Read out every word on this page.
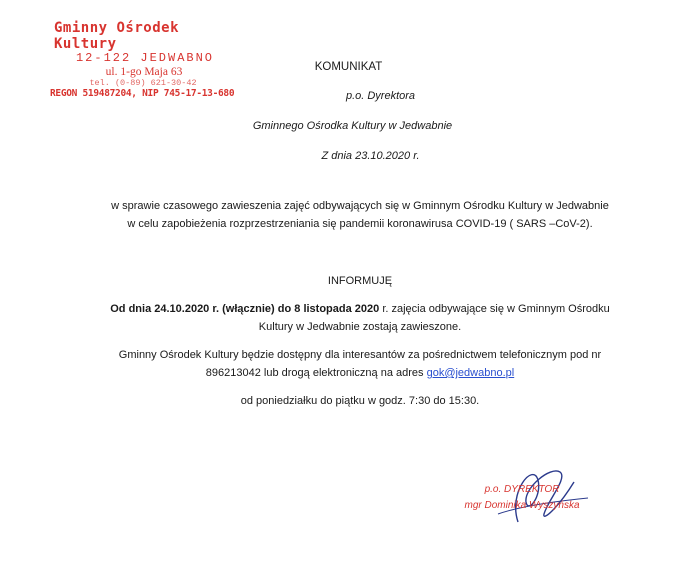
Gminny Ośrodek Kultury
12-122 JEDWABNO
ul. 1-go Maja 63
tel. (0-89) 621-30-42
REGON 519487204, NIP 745-17-13-680
KOMUNIKAT
p.o. Dyrektora
Gminnego Ośrodka Kultury w Jedwabnie
Z dnia 23.10.2020 r.
w sprawie czasowego zawieszenia zajęć odbywających się w Gminnym Ośrodku Kultury w Jedwabnie
w celu zapobieżenia rozprzestrzeniania się pandemii koronawirusa COVID-19 ( SARS –CoV-2).
INFORMUJĘ
Od dnia 24.10.2020 r. (włącznie) do 8 listopada 2020 r. zajęcia odbywające się w Gminnym Ośrodku
Kultury w Jedwabnie zostają zawieszone.
Gminny Ośrodek Kultury będzie dostępny dla interesantów za pośrednictwem telefonicznym pod nr
896213042 lub drogą elektroniczną na adres gok@jedwabno.pl
od poniedziałku do piątku w godz. 7:30 do 15:30.
p.o. DYREKTOR
mgr Dominika Wyszyńska
